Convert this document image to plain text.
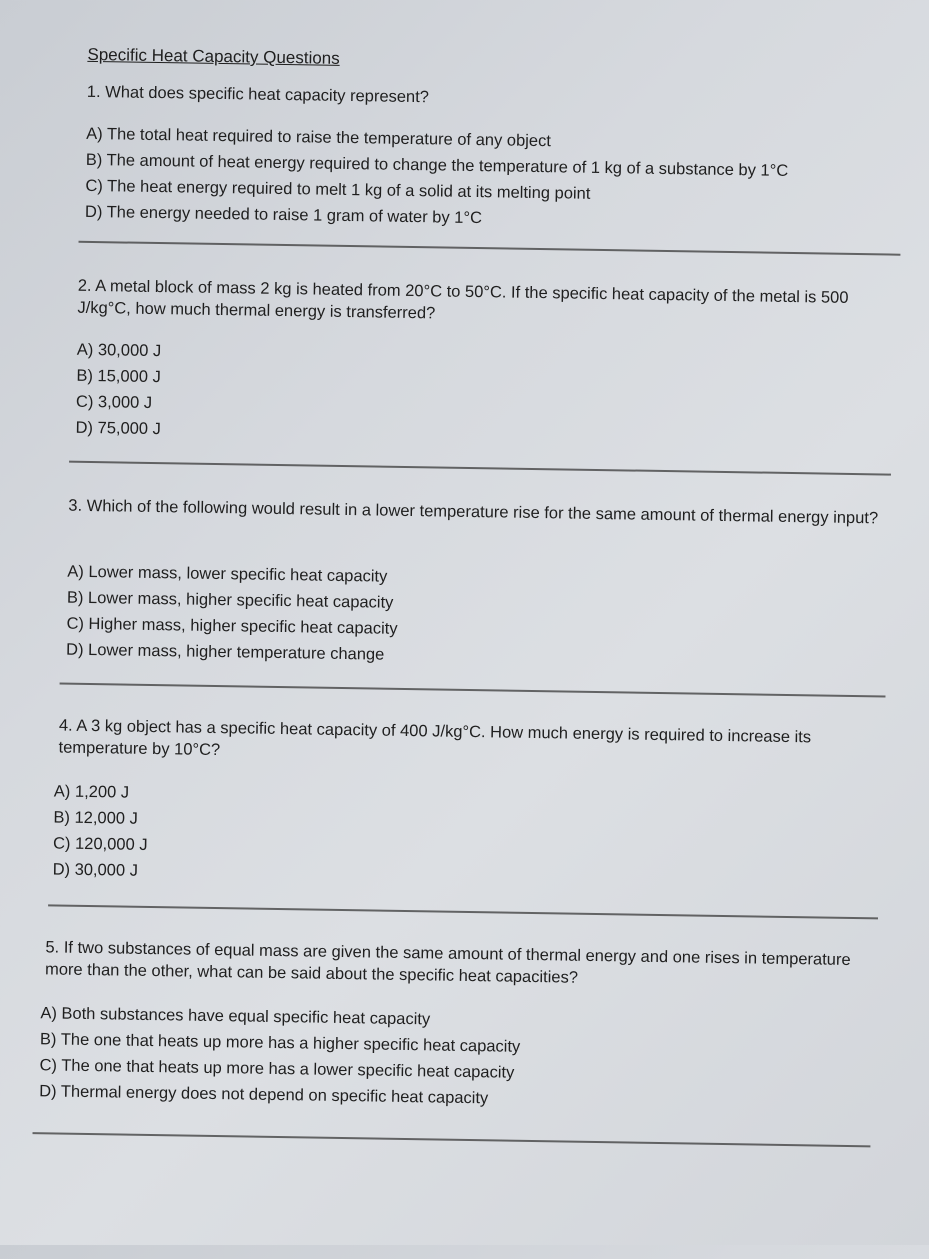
Specific Heat Capacity Questions
1. What does specific heat capacity represent?
A) The total heat required to raise the temperature of any object
B) The amount of heat energy required to change the temperature of 1 kg of a substance by 1°C
C) The heat energy required to melt 1 kg of a solid at its melting point
D) The energy needed to raise 1 gram of water by 1°C
2. A metal block of mass 2 kg is heated from 20°C to 50°C. If the specific heat capacity of the metal is 500 J/kg°C, how much thermal energy is transferred?
A) 30,000 J
B) 15,000 J
C) 3,000 J
D) 75,000 J
3. Which of the following would result in a lower temperature rise for the same amount of thermal energy input?
A) Lower mass, lower specific heat capacity
B) Lower mass, higher specific heat capacity
C) Higher mass, higher specific heat capacity
D) Lower mass, higher temperature change
4. A 3 kg object has a specific heat capacity of 400 J/kg°C. How much energy is required to increase its temperature by 10°C?
A) 1,200 J
B) 12,000 J
C) 120,000 J
D) 30,000 J
5. If two substances of equal mass are given the same amount of thermal energy and one rises in temperature more than the other, what can be said about the specific heat capacities?
A) Both substances have equal specific heat capacity
B) The one that heats up more has a higher specific heat capacity
C) The one that heats up more has a lower specific heat capacity
D) Thermal energy does not depend on specific heat capacity
